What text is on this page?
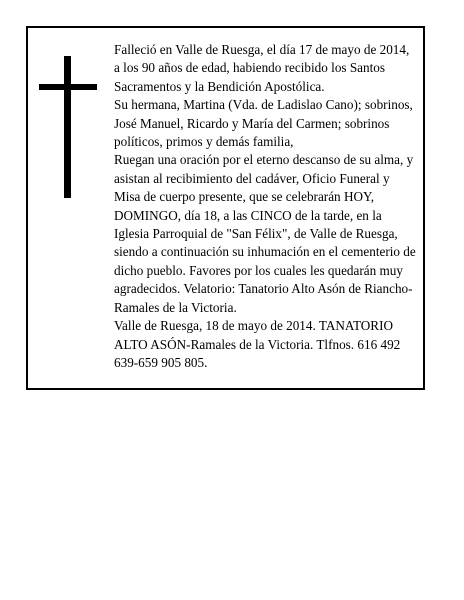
Falleció en Valle de Ruesga, el día 17 de mayo de 2014, a los 90 años de edad, habiendo recibido los Santos Sacramentos y la Bendición Apostólica.

Su hermana, Martina (Vda. de Ladislao Cano); sobrinos, José Manuel, Ricardo y María del Carmen; sobrinos políticos, primos y demás familia,

Ruegan una oración por el eterno descanso de su alma, y asistan al recibimiento del cadáver, Oficio Funeral y Misa de cuerpo presente, que se celebrarán HOY, DOMINGO, día 18, a las CINCO de la tarde, en la Iglesia Parroquial de "San Félix", de Valle de Ruesga, siendo a continuación su inhumación en el cementerio de dicho pueblo. Favores por los cuales les quedarán muy agradecidos. Velatorio: Tanatorio Alto Asón de Riancho-Ramales de la Victoria.

Valle de Ruesga, 18 de mayo de 2014. TANATORIO ALTO ASÓN-Ramales de la Victoria. Tlfnos. 616 492 639-659 905 805.
